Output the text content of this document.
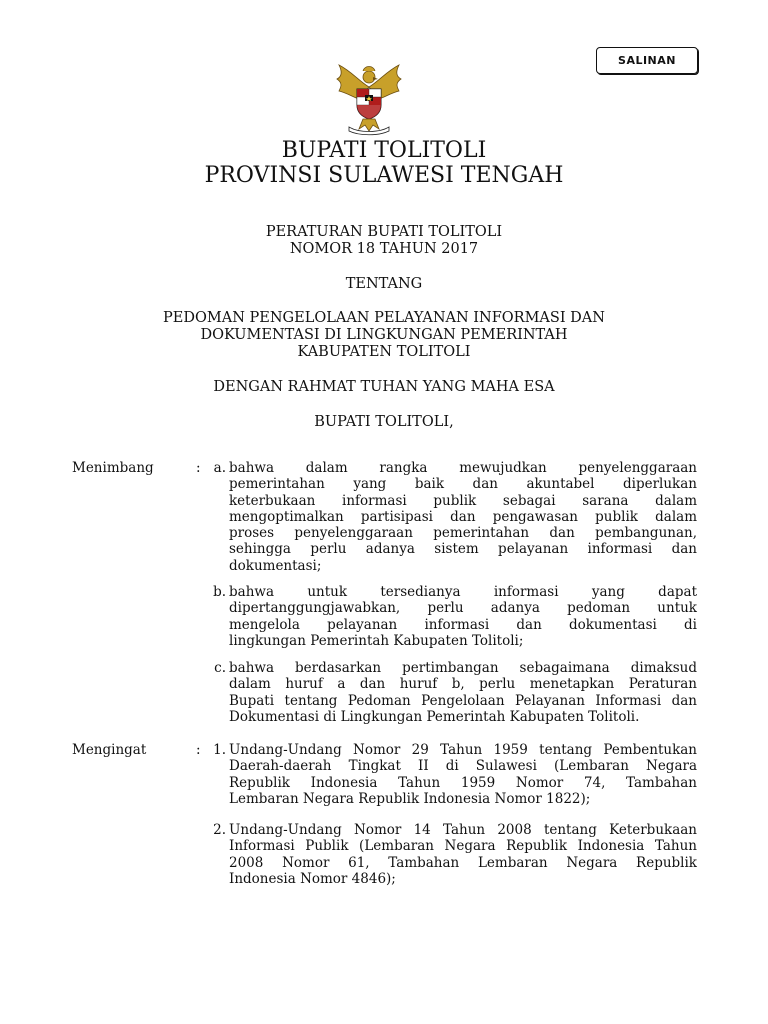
SALINAN
BUPATI TOLITOLI
PROVINSI SULAWESI TENGAH
PERATURAN BUPATI TOLITOLI
NOMOR 18 TAHUN 2017
TENTANG
PEDOMAN PENGELOLAAN PELAYANAN INFORMASI DAN
DOKUMENTASI DI LINGKUNGAN PEMERINTAH
KABUPATEN TOLITOLI
DENGAN RAHMAT TUHAN YANG MAHA ESA
BUPATI TOLITOLI,
Menimbang	: a. bahwa dalam rangka mewujudkan penyelenggaraan
pemerintahan yang baik dan akuntabel diperlukan
keterbukaan informasi publik sebagai sarana dalam
mengoptimalkan partisipasi dan pengawasan publik dalam
proses penyelenggaraan pemerintahan dan pembangunan,
sehingga perlu adanya sistem pelayanan informasi dan
dokumentasi;
b. bahwa untuk tersedianya informasi yang dapat
dipertanggungjawabkan, perlu adanya pedoman untuk
mengelola pelayanan informasi dan dokumentasi di
lingkungan Pemerintah Kabupaten Tolitoli;
c. bahwa berdasarkan pertimbangan sebagaimana dimaksud
dalam huruf a dan huruf b, perlu menetapkan Peraturan
Bupati tentang Pedoman Pengelolaan Pelayanan Informasi dan
Dokumentasi di Lingkungan Pemerintah Kabupaten Tolitoli.
Mengingat	: 1. Undang-Undang Nomor 29 Tahun 1959 tentang Pembentukan
Daerah-daerah Tingkat II di Sulawesi (Lembaran Negara
Republik Indonesia Tahun 1959 Nomor 74, Tambahan
Lembaran Negara Republik Indonesia Nomor 1822);
2. Undang-Undang Nomor 14 Tahun 2008 tentang Keterbukaan
Informasi Publik (Lembaran Negara Republik Indonesia Tahun
2008 Nomor 61, Tambahan Lembaran Negara Republik
Indonesia Nomor 4846);
